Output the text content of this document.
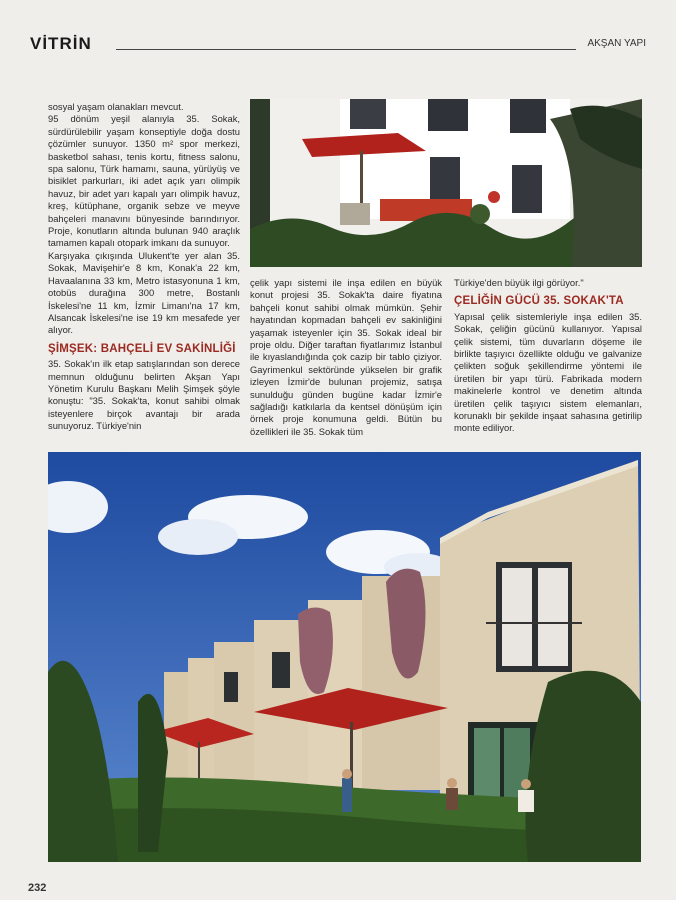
VİTRİN	AKŞAN YAPI

sosyal yaşam olanakları mevcut.

95 dönüm yeşil alanıyla 35. Sokak, sürdürülebilir yaşam konseptiyle doğa dostu çözümler sunuyor. 1350 m² spor merkezi, basketbol sahası, tenis kortu, fitness salonu, spa salonu, Türk hamamı, sauna, yürüyüş ve bisiklet parkurları, iki adet açık yarı olimpik havuz, bir adet yarı kapalı yarı olimpik havuz, kreş, kütüphane, organik sebze ve meyve bahçeleri manavını bünyesinde barındırıyor. Proje, konutların altında bulunan 940 araçlık tamamen kapalı otopark imkanı da sunuyor.

Karşıyaka çıkışında Ulukent'te yer alan 35. Sokak, Mavişehir'e 8 km, Konak'a 22 km, Havaalanına 33 km, Metro istasyonuna 1 km, otobüs durağına 300 metre, Bostanlı İskelesi'ne 11 km, İzmir Limanı'na 17 km, Alsancak İskelesi'ne ise 19 km mesafede yer alıyor.

ŞİMŞEK: BAHÇELİ EV SAKİNLİĞİ

35. Sokak'ın ilk etap satışlarından son derece memnun olduğunu belirten Akşan Yapı Yönetim Kurulu Başkanı Melih Şimşek şöyle konuştu: "35. Sokak'ta, konut sahibi olmak isteyenlere birçok avantajı bir arada sunuyoruz. Türkiye'nin

çelik yapı sistemi ile inşa edilen en büyük konut projesi 35. Sokak'ta daire fiyatına bahçeli konut sahibi olmak mümkün. Şehir hayatından kopmadan bahçeli ev sakinliğini yaşamak isteyenler için 35. Sokak ideal bir proje oldu. Diğer taraftan fiyatlarımız İstanbul ile kıyaslandığında çok cazip bir tablo çiziyor. Gayrimenkul sektöründe yükselen bir grafik izleyen İzmir'de bulunan projemiz, satışa sunulduğu günden bugüne kadar İzmir'e sağladığı katkılarla da kentsel dönüşüm için örnek proje konumuna geldi. Bütün bu özellikleri ile 35. Sokak tüm

Türkiye'den büyük ilgi görüyor."

ÇELİĞİN GÜCÜ 35. SOKAK'TA

Yapısal çelik sistemleriyle inşa edilen 35. Sokak, çeliğin gücünü kullanıyor. Yapısal çelik sistemi, tüm duvarların döşeme ile birlikte taşıyıcı özellikte olduğu ve galvanize çelikten soğuk şekillendirme yöntemi ile üretilen bir yapı türü. Fabrikada modern makinelerle kontrol ve denetim altında üretilen çelik taşıyıcı sistem elemanları, korunaklı bir şekilde inşaat sahasına getirilip monte ediliyor.

232
